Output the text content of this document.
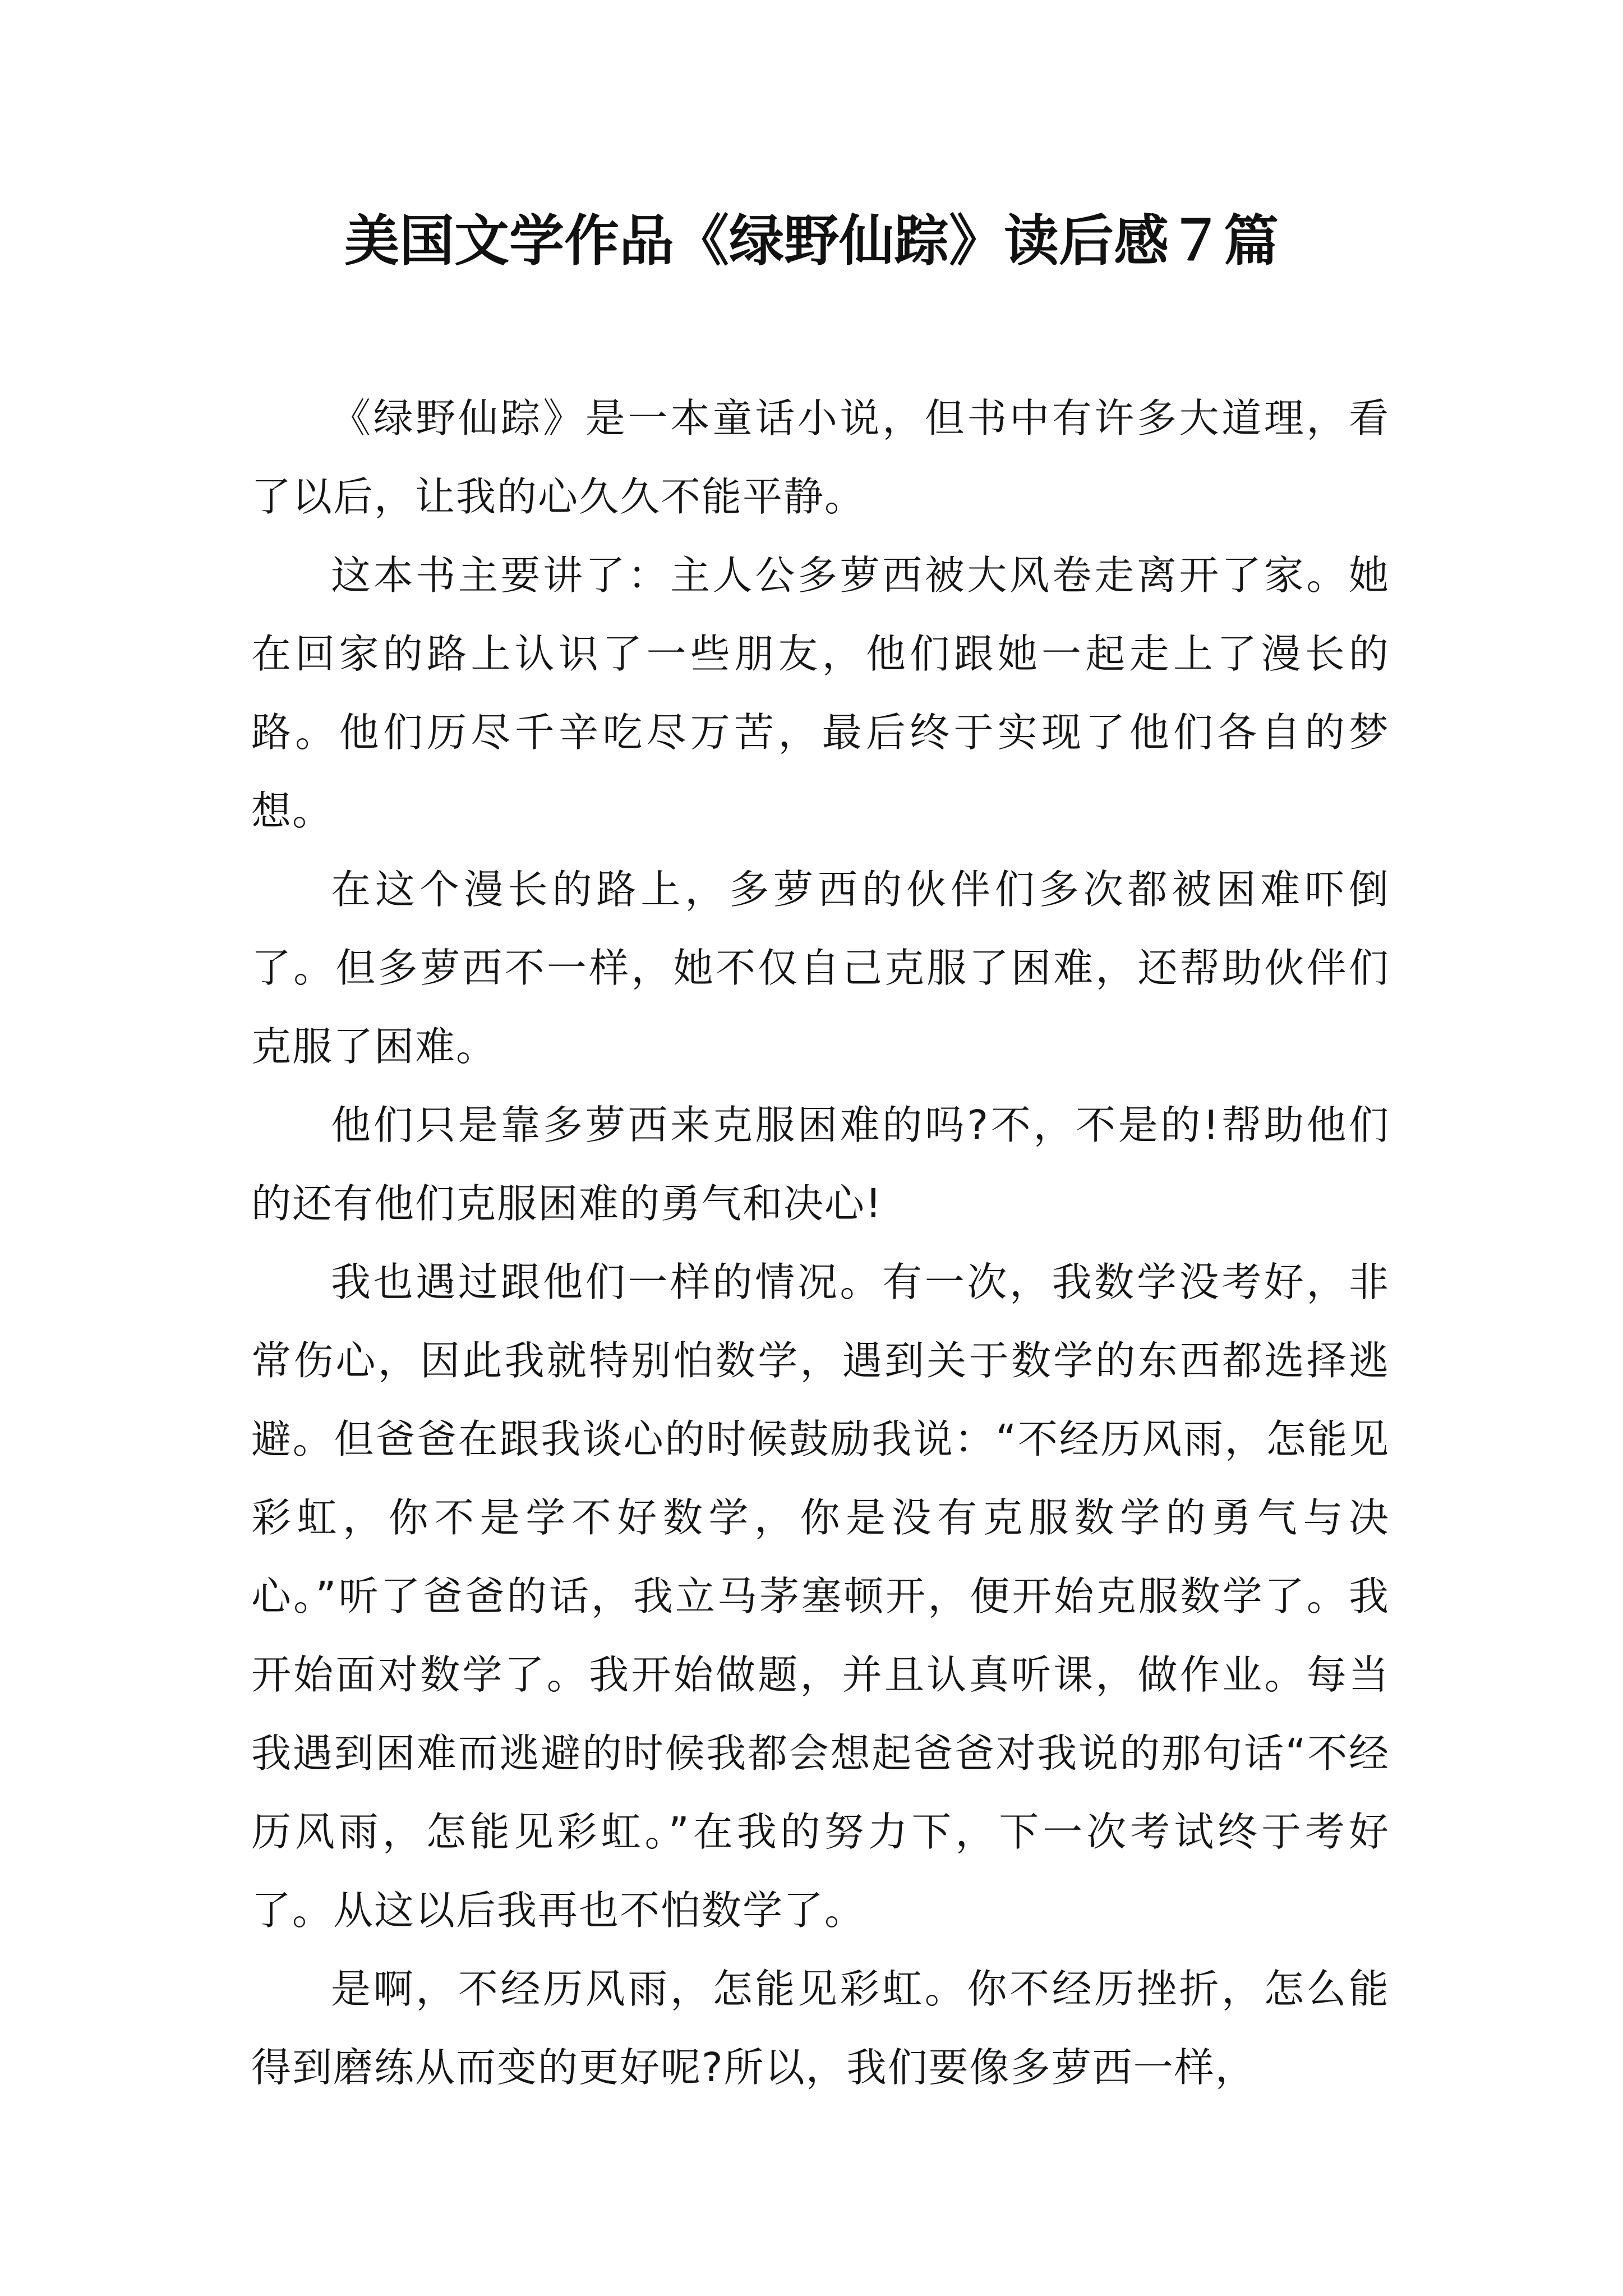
美国文学作品《绿野仙踪》读后感７篇

《绿野仙踪》是一本童话小说，但书中有许多大道理，看了以后，让我的心久久不能平静。

这本书主要讲了：主人公多萝西被大风卷走离开了家。她在回家的路上认识了一些朋友，他们跟她一起走上了漫长的路。他们历尽千辛吃尽万苦，最后终于实现了他们各自的梦想。

在这个漫长的路上，多萝西的伙伴们多次都被困难吓倒了。但多萝西不一样，她不仅自己克服了困难，还帮助伙伴们克服了困难。

他们只是靠多萝西来克服困难的吗?不，不是的!帮助他们的还有他们克服困难的勇气和决心!

我也遇过跟他们一样的情况。有一次，我数学没考好，非常伤心，因此我就特别怕数学，遇到关于数学的东西都选择逃避。但爸爸在跟我谈心的时候鼓励我说：“不经历风雨，怎能见彩虹，你不是学不好数学，你是没有克服数学的勇气与决心。”听了爸爸的话，我立马茅塞顿开，便开始克服数学了。我开始面对数学了。我开始做题，并且认真听课，做作业。每当我遇到困难而逃避的时候我都会想起爸爸对我说的那句话“不经历风雨，怎能见彩虹。”在我的努力下，下一次考试终于考好了。从这以后我再也不怕数学了。

是啊，不经历风雨，怎能见彩虹。你不经历挫折，怎么能得到磨练从而变的更好呢?所以，我们要像多萝西一样，
